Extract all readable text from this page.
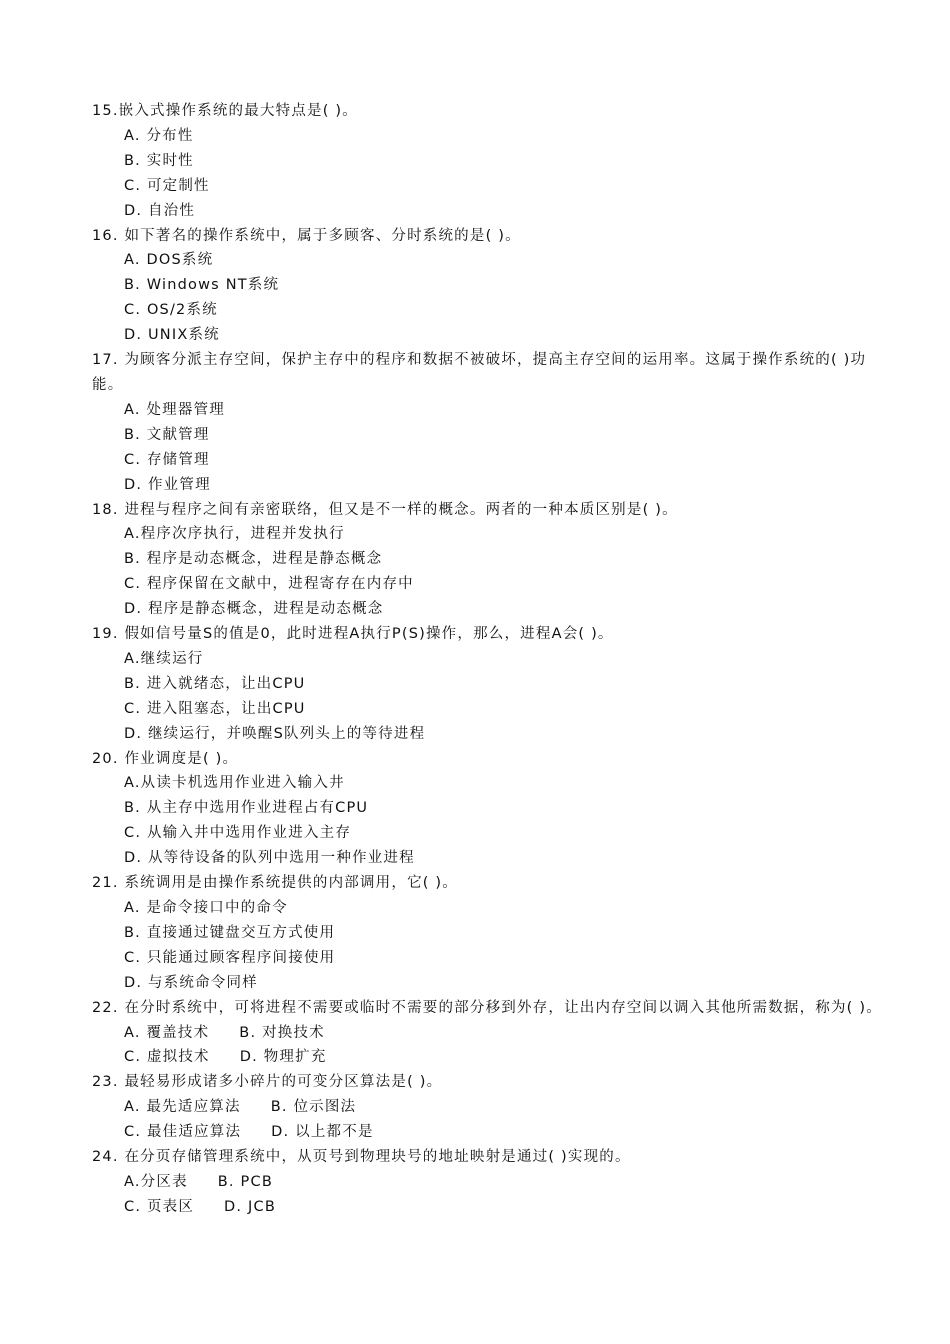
15.嵌入式操作系统的最大特点是( )。
A. 分布性
B. 实时性
C. 可定制性
D. 自治性
16. 如下著名的操作系统中，属于多顾客、分时系统的是( )。
A. DOS系统
B. Windows NT系统
C. OS/2系统
D. UNIX系统
17. 为顾客分派主存空间，保护主存中的程序和数据不被破坏，提高主存空间的运用率。这属于操作系统的( )功能。
A. 处理器管理
B. 文献管理
C. 存储管理
D. 作业管理
18. 进程与程序之间有亲密联络，但又是不一样的概念。两者的一种本质区别是( )。
A.程序次序执行，进程并发执行
B. 程序是动态概念，进程是静态概念
C. 程序保留在文献中，进程寄存在内存中
D. 程序是静态概念，进程是动态概念
19. 假如信号量S的值是0，此时进程A执行P(S)操作，那么，进程A会( )。
A.继续运行
B. 进入就绪态，让出CPU
C. 进入阻塞态，让出CPU
D. 继续运行，并唤醒S队列头上的等待进程
20. 作业调度是( )。
A.从读卡机选用作业进入输入井
B. 从主存中选用作业进程占有CPU
C. 从输入井中选用作业进入主存
D. 从等待设备的队列中选用一种作业进程
21. 系统调用是由操作系统提供的内部调用，它( )。
A. 是命令接口中的命令
B. 直接通过键盘交互方式使用
C. 只能通过顾客程序间接使用
D. 与系统命令同样
22. 在分时系统中，可将进程不需要或临时不需要的部分移到外存，让出内存空间以调入其他所需数据，称为( )。
A. 覆盖技术 B. 对换技术
C. 虚拟技术 D. 物理扩充
23. 最轻易形成诸多小碎片的可变分区算法是( )。
A. 最先适应算法 B. 位示图法
C. 最佳适应算法 D. 以上都不是
24. 在分页存储管理系统中，从页号到物理块号的地址映射是通过( )实现的。
A.分区表 B. PCB
C. 页表区 D. JCB
